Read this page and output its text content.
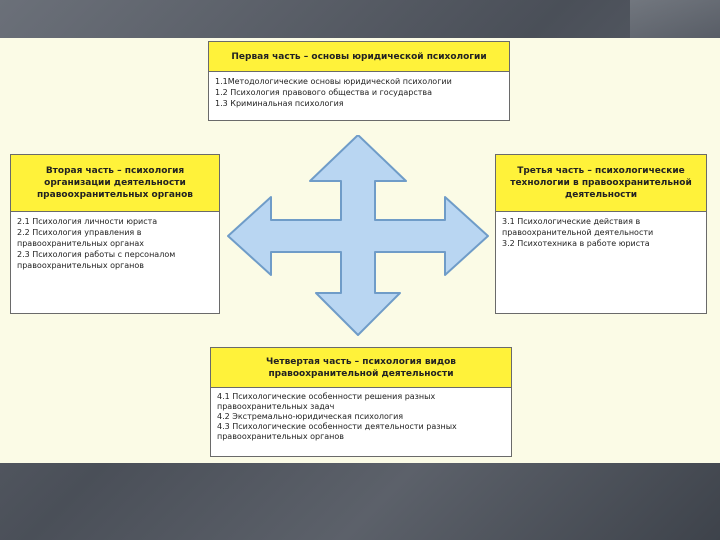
Первая часть – основы юридической психологии
1.1Методологические основы юридической психологии
1.2 Психология правового общества и государства
1.3 Криминальная психология
Вторая часть – психология
организации деятельности
правоохранительных органов
2.1 Психология личности юриста
2.2 Психология управления в
правоохранительных органах
2.3 Психология работы с персоналом
правоохранительных органов
Третья часть – психологические
технологии в правоохранительной
деятельности
3.1 Психологические действия в
правоохранительной деятельности
3.2 Психотехника в работе юриста
Четвертая часть – психология видов
правоохранительной деятельности
4.1 Психологические особенности решения разных
правоохранительных задач
4.2 Экстремально-юридическая психология
4.3 Психологические особенности деятельности разных
правоохранительных органов
